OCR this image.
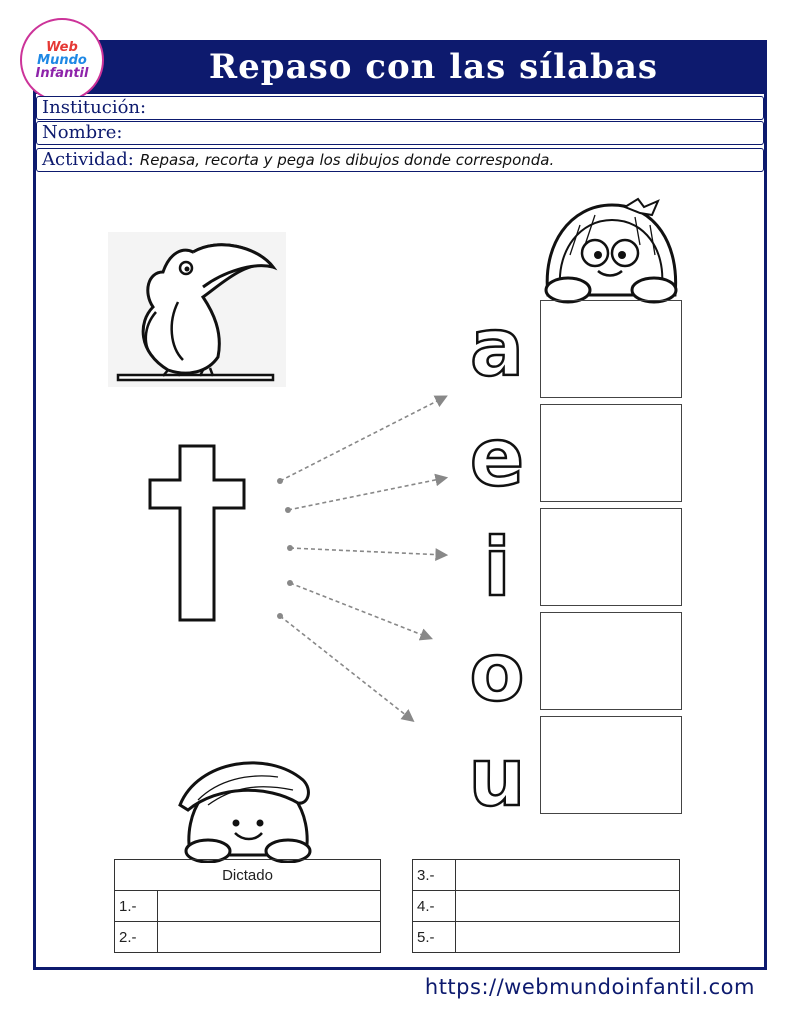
Repaso con las sílabas
Web
Mundo
Infantil
Institución:
Nombre:
Actividad: Repasa, recorta y pega los dibujos donde corresponda.
a
e
i
o
u
Dictado	
1.-	
2.-	
3.-	
4.-	
5.-	
https://webmundoinfantil.com
